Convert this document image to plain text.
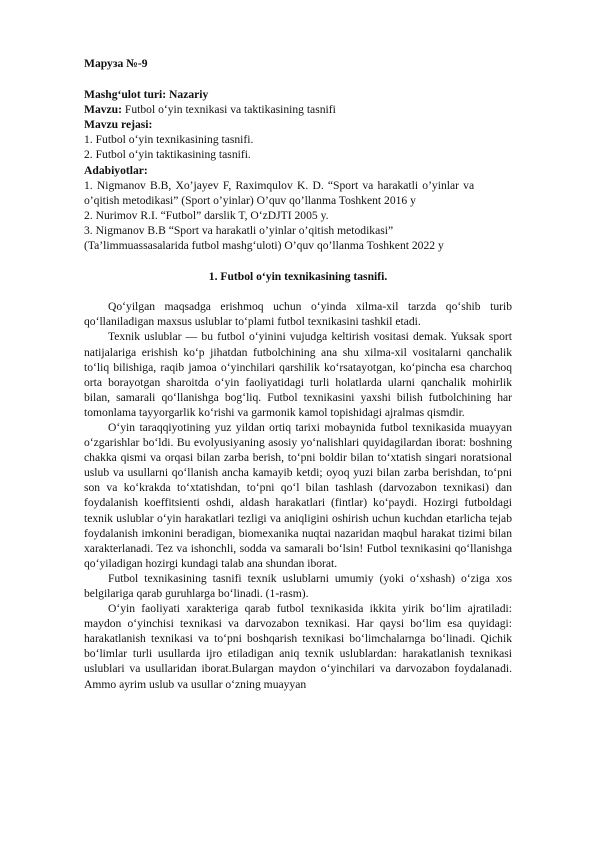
Maруза №-9
Mashg‘ulot turi: Nazariy
Mavzu: Futbol o‘yin texnikasi va taktikasining tasnifi
Mavzu rejasi:
1. Futbol o‘yin texnikasining tasnifi.
2. Futbol o‘yin taktikasining tasnifi.
Adabiyotlar:
1. Nigmanov B.B, Xo’jayev F, Raximqulov K. D. “Sport va harakatli o’yinlar va
o’qitish metodikasi” (Sport o’yinlar) O’quv qo’llanma Toshkent 2016 y
2. Nurimov R.I. “Futbol” darslik T, O‘zDJTI 2005 y.
3. Nigmanov B.B “Sport va harakatli o’yinlar o’qitish metodikasi”
(Ta’limmuassasalarida futbol mashg‘uloti) O’quv qo’llanma Toshkent 2022 y
1. Futbol o‘yin texnikasining tasnifi.

Qo‘yilgan maqsadga erishmoq uchun o‘yinda xilma-xil tarzda qo‘shib turib qo‘llaniladigan maxsus uslublar to‘plami futbol texnikasini tashkil etadi.

Texnik uslublar — bu futbol o‘yinini vujudga keltirish vositasi demak. Yuksak sport natijalariga erishish ko‘p jihatdan futbolchining ana shu xilma-xil vositalarni qanchalik to‘liq bilishiga, raqib jamoa o‘yinchilari qarshilik ko‘rsatayotgan, ko‘pincha esa charchoq orta borayotgan sharoitda o‘yin faoliyatidagi turli holatlarda ularni qanchalik mohirlik bilan, samarali qo‘llanishga bog‘liq. Futbol texnikasini yaxshi bilish futbolchining har tomonlama tayyorgarlik ko‘rishi va garmonik kamol topishidagi ajralmas qismdir.

O‘yin taraqqiyotining yuz yildan ortiq tarixi mobaynida futbol texnikasida muayyan o‘zgarishlar bo‘ldi. Bu evolyusiyaning asosiy yo‘nalishlari quyidagilardan iborat: boshning chakka qismi va orqasi bilan zarba berish, to‘pni boldir bilan to‘xtatish singari noratsional uslub va usullarni qo‘llanish ancha kamayib ketdi; oyoq yuzi bilan zarba berishdan, to‘pni son va ko‘krakda to‘xtatishdan, to‘pni qo‘l bilan tashlash (darvozabon texnikasi) dan foydalanish koeffitsienti oshdi, aldash harakatlari (fintlar) ko‘paydi. Hozirgi futboldagi texnik uslublar o‘yin harakatlari tezligi va aniqligini oshirish uchun kuchdan etarlicha tejab foydalanish imkonini beradigan, biomexanika nuqtai nazaridan maqbul harakat tizimi bilan xarakterlanadi. Tez va ishonchli, sodda va samarali bo‘lsin! Futbol texnikasini qo‘llanishga qo‘yiladigan hozirgi kundagi talab ana shundan iborat.

Futbol texnikasining tasnifi texnik uslublarni umumiy (yoki o‘xshash) o‘ziga xos belgilariga qarab guruhlarga bo‘linadi. (1-rasm).

O‘yin faoliyati xarakteriga qarab futbol texnikasida ikkita yirik bo‘lim ajratiladi: maydon o‘yinchisi texnikasi va darvozabon texnikasi. Har qaysi bo‘lim esa quyidagi: harakatlanish texnikasi va to‘pni boshqarish texnikasi bo‘limchalarnga bo‘linadi. Qichik bo‘limlar turli usullarda ijro etiladigan aniq texnik uslublardan: harakatlanish texnikasi uslublari va usullaridan iborat.Bulargan maydon o‘yinchilari va darvozabon foydalanadi. Ammo ayrim uslub va usullar o‘zning muayyan
